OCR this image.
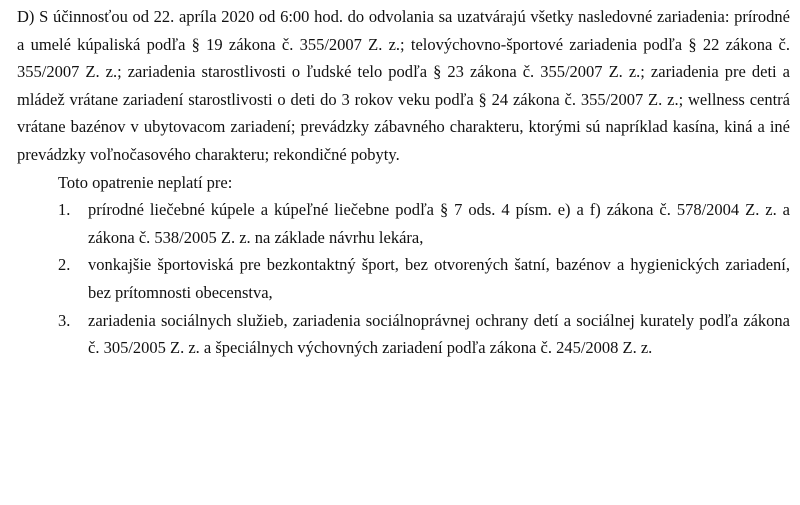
D) S účinnosťou od 22. apríla 2020 od 6:00 hod. do odvolania sa uzatvárajú všetky nasledovné zariadenia: prírodné a umelé kúpaliská podľa § 19 zákona č. 355/2007 Z. z.; telovýchovno-športové zariadenia podľa § 22 zákona č. 355/2007 Z. z.; zariadenia starostlivosti o ľudské telo podľa § 23 zákona č. 355/2007 Z. z.; zariadenia pre deti a mládež vrátane zariadení starostlivosti o deti do 3 rokov veku podľa § 24 zákona č. 355/2007 Z. z.; wellness centrá vrátane bazénov v ubytovacom zariadení; prevádzky zábavného charakteru, ktorými sú napríklad kasína, kiná a iné prevádzky voľnočasového charakteru; rekondičné pobyty.

Toto opatrenie neplatí pre:

1. prírodné liečebné kúpele a kúpeľné liečebne podľa § 7 ods. 4 písm. e) a f) zákona č. 578/2004 Z. z. a zákona č. 538/2005 Z. z. na základe návrhu lekára,
2. vonkajšie športoviská pre bezkontaktný šport, bez otvorených šatní, bazénov a hygienických zariadení, bez prítomnosti obecenstva,
3. zariadenia sociálnych služieb, zariadenia sociálnoprávnej ochrany detí a sociálnej kurately podľa zákona č. 305/2005 Z. z. a špeciálnych výchovných zariadení podľa zákona č. 245/2008 Z. z.
